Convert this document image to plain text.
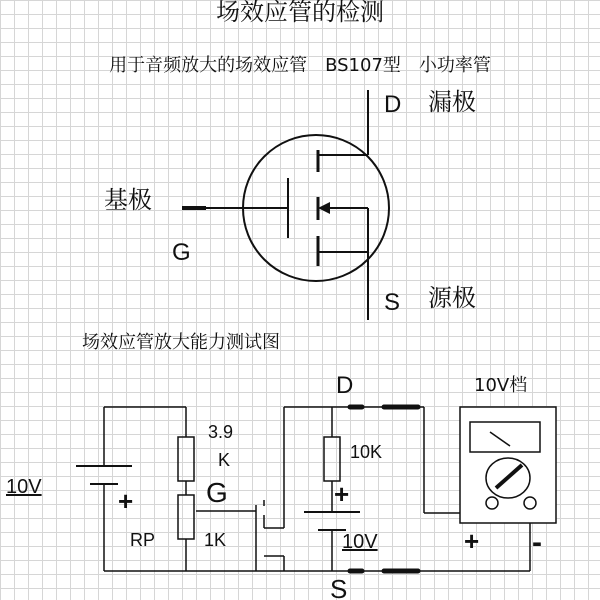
场效应管的检测
用于音频放大的场效应管　BS107型　小功率管
D 漏极
基极
G
S 源极
场效应管放大能力测试图
10V	+
3.9
K
RP	1K
G
D
S
10K
+
10V
10V档
+ -
